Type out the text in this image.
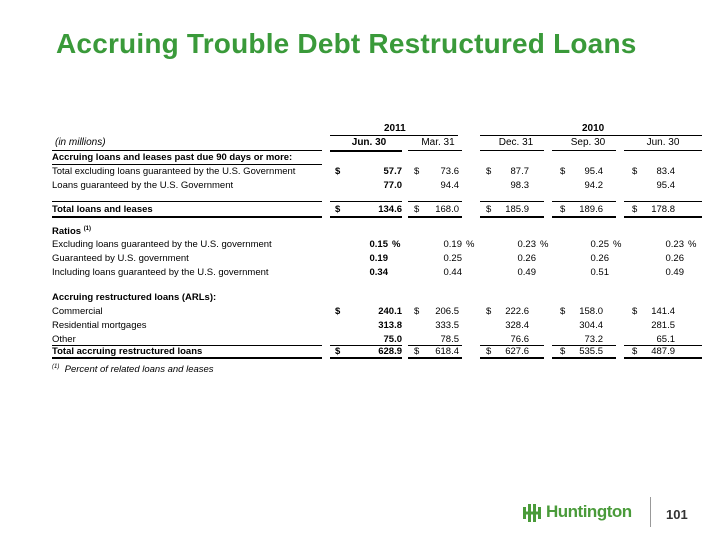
Accruing Trouble Debt Restructured Loans
2011	2010
(in millions)	Jun. 30	Mar. 31	Dec. 31	Sep. 30	Jun. 30
Accruing loans and leases past due 90 days or more:
Total excluding loans guaranteed by the U.S. Government	$	57.7 $	73.6	$	87.7	$	95.4	$	83.4
Loans guaranteed by the U.S. Government	77.0	94.4	98.3	94.2	95.4
Total loans and leases	$	134.6 $	168.0	$	185.9	$	189.6	$	178.8
Ratios $^{(1)}$
Excluding loans guaranteed by the U.S. government	0.15 %	0.19 %	0.23 %	0.25 %	0.23 %
Guaranteed by U.S. government	0.19	0.25	0.26	0.26	0.26
Including loans guaranteed by the U.S. government	0.34	0.44	0.49	0.51	0.49
Accruing restructured loans (ARLs):
Commercial	$	240.1 $	206.5	$	222.6	$	158.0	$	141.4
Residential mortgages	313.8	333.5	328.4	304.4	281.5
Other	75.0	78.5	76.6	73.2	65.1
Total accruing restructured loans	$	628.9 $	618.4	$	627.6	$	535.5	$	487.9
$^{(1)}$ Percent of related loans and leases
Huntington	101
